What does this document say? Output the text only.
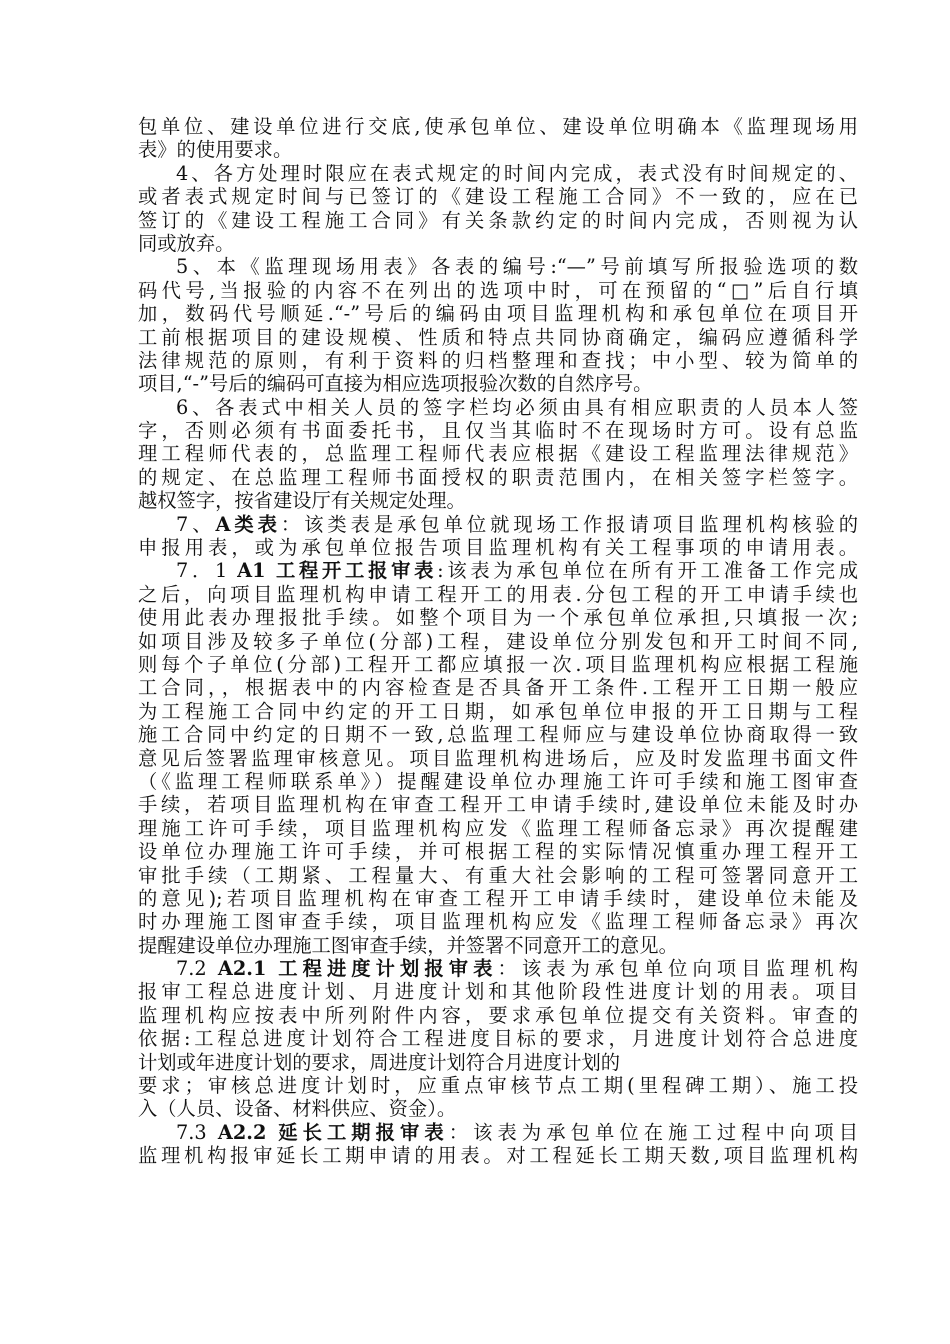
包单位、建设单位进行交底,使承包单位、建设单位明确本《监理现场用
表》的使用要求。
4、各方处理时限应在表式规定的时间内完成，表式没有时间规定的、
或者表式规定时间与已签订的《建设工程施工合同》不一致的，应在已
签订的《建设工程施工合同》有关条款约定的时间内完成，否则视为认
同或放弃。
5、本《监理现场用表》各表的编号:“—”号前填写所报验选项的数
码代号,当报验的内容不在列出的选项中时，可在预留的“□”后自行填
加，数码代号顺延.“-”号后的编码由项目监理机构和承包单位在项目开
工前根据项目的建设规模、性质和特点共同协商确定，编码应遵循科学
法律规范的原则，有利于资料的归档整理和查找；中小型、较为简单的
项目,“-”号后的编码可直接为相应选项报验次数的自然序号。
6、各表式中相关人员的签字栏均必须由具有相应职责的人员本人签
字，否则必须有书面委托书，且仅当其临时不在现场时方可。设有总监
理工程师代表的，总监理工程师代表应根据《建设工程监理法律规范》
的规定、在总监理工程师书面授权的职责范围内，在相关签字栏签字。
越权签字，按省建设厅有关规定处理。
7、A类表：该类表是承包单位就现场工作报请项目监理机构核验的
申报用表，或为承包单位报告项目监理机构有关工程事项的申请用表。
7．1 A1 工程开工报审表:该表为承包单位在所有开工准备工作完成
之后，向项目监理机构申请工程开工的用表.分包工程的开工申请手续也
使用此表办理报批手续。如整个项目为一个承包单位承担,只填报一次;
如项目涉及较多子单位(分部)工程，建设单位分别发包和开工时间不同,
则每个子单位(分部)工程开工都应填报一次.项目监理机构应根据工程施
工合同，，根据表中的内容检查是否具备开工条件.工程开工日期一般应
为工程施工合同中约定的开工日期，如承包单位申报的开工日期与工程
施工合同中约定的日期不一致,总监理工程师应与建设单位协商取得一致
意见后签署监理审核意见。项目监理机构进场后，应及时发监理书面文件
（《监理工程师联系单》）提醒建设单位办理施工许可手续和施工图审查
手续，若项目监理机构在审查工程开工申请手续时,建设单位未能及时办
理施工许可手续，项目监理机构应发《监理工程师备忘录》再次提醒建
设单位办理施工许可手续，并可根据工程的实际情况慎重办理工程开工
审批手续（工期紧、工程量大、有重大社会影响的工程可签署同意开工
的意见);若项目监理机构在审查工程开工申请手续时，建设单位未能及
时办理施工图审查手续，项目监理机构应发《监理工程师备忘录》再次
提醒建设单位办理施工图审查手续，并签署不同意开工的意见。
7.2 A2.1 工程进度计划报审表：该表为承包单位向项目监理机构
报审工程总进度计划、月进度计划和其他阶段性进度计划的用表。项目
监理机构应按表中所列附件内容，要求承包单位提交有关资料。审查的
依据:工程总进度计划符合工程进度目标的要求，月进度计划符合总进度
计划或年进度计划的要求，周进度计划符合月进度计划的
要求；审核总进度计划时，应重点审核节点工期(里程碑工期）、施工投
入（人员、设备、材料供应、资金）。
7.3 A2.2 延长工期报审表：该表为承包单位在施工过程中向项目
监理机构报审延长工期申请的用表。对工程延长工期天数,项目监理机构
